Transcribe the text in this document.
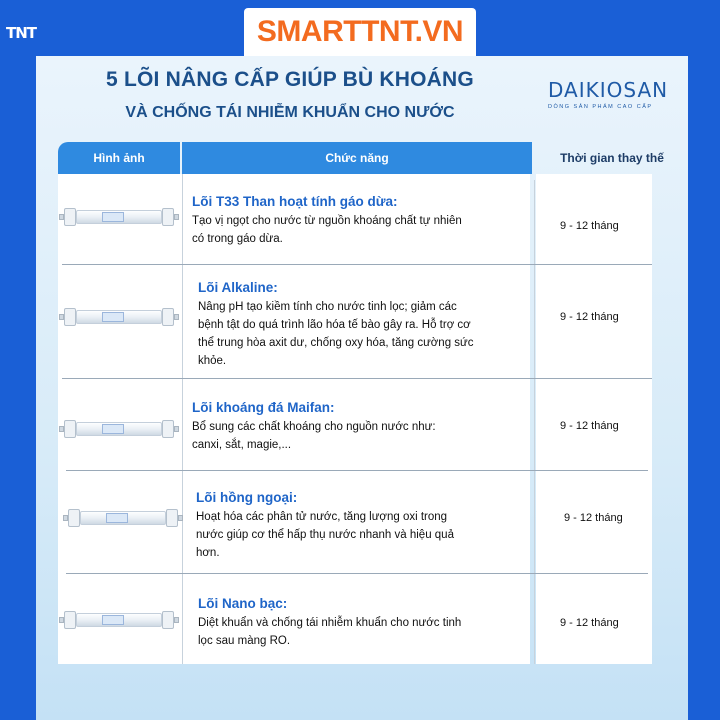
TNT	SMARTTNT.VN
5 LÕI NÂNG CẤP GIÚP BÙ KHOÁNG
VÀ CHỐNG TÁI NHIỄM KHUẨN CHO NƯỚC
DAIKIOSAN
DÒNG SẢN PHẨM CAO CẤP
Hình ảnh	Chức năng	Thời gian thay thế
Lõi T33 Than hoạt tính gáo dừa:
Tạo vị ngọt cho nước từ nguồn khoáng chất tự nhiên
có trong gáo dừa.
9 - 12 tháng
Lõi Alkaline:
Nâng pH tạo kiềm tính cho nước tinh lọc; giảm các
bệnh tật do quá trình lão hóa tế bào gây ra. Hỗ trợ cơ
thể trung hòa axit dư, chống oxy hóa, tăng cường sức
khỏe.
9 - 12 tháng
Lõi khoáng đá Maifan:
Bổ sung các chất khoáng cho nguồn nước như:
canxi, sắt, magie,...
9 - 12 tháng
Lõi hồng ngoại:
Hoạt hóa các phân tử nước, tăng lượng oxi trong
nước giúp cơ thể hấp thụ nước nhanh và hiệu quả
hơn.
9 - 12 tháng
Lõi Nano bạc:
Diệt khuẩn và chống tái nhiễm khuẩn cho nước tinh
lọc sau màng RO.
9 - 12 tháng
